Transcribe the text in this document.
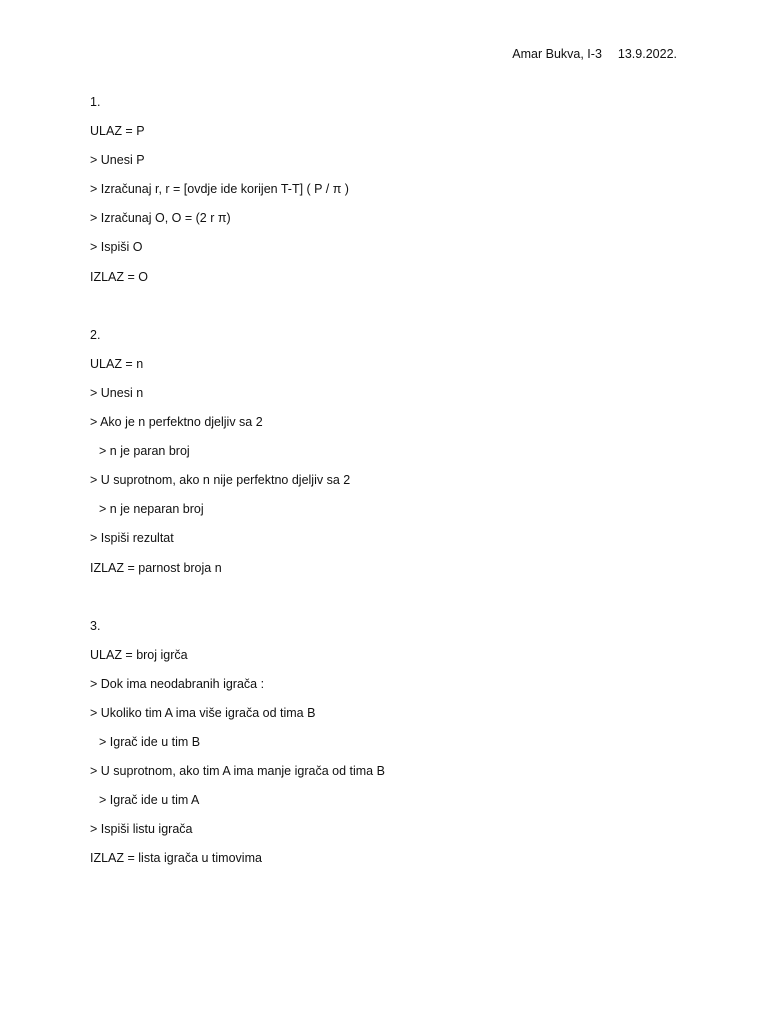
Amar Bukva, I-3 13.9.2022.
1.
ULAZ = P
> Unesi P
> Izračunaj r, r = [ovdje ide korijen T-T] ( P / π )
> Izračunaj O, O = (2 r π)
> Ispiši O
IZLAZ = O
2.
ULAZ = n
> Unesi n
> Ako je n perfektno djeljiv sa 2
> n je paran broj
> U suprotnom, ako n nije perfektno djeljiv sa 2
> n je neparan broj
> Ispiši rezultat
IZLAZ = parnost broja n
3.
ULAZ = broj igrča
> Dok ima neodabranih igrača :
> Ukoliko tim A ima više igrača od tima B
> Igrač ide u tim B
> U suprotnom, ako tim A ima manje igrača od tima B
> Igrač ide u tim A
> Ispiši listu igrača
IZLAZ = lista igrača u timovima
